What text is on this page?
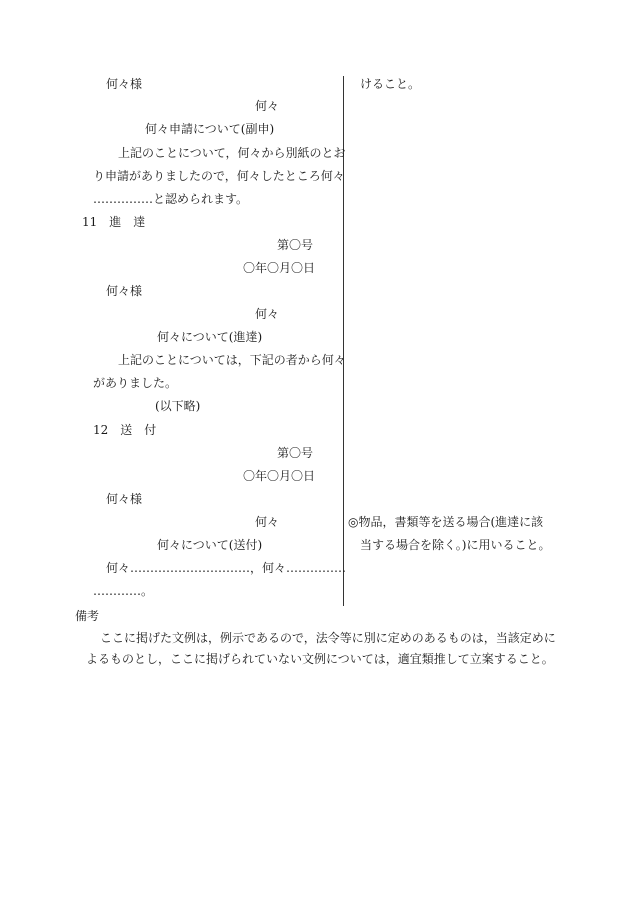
何々様
何々
何々申請について(副申)
上記のことについて，何々から別紙のとお
り申請がありましたので，何々したところ何々
……………と認められます。
11　進　達
第〇号
〇年〇月〇日
何々様
何々
何々について(進達)
上記のことについては，下記の者から何々
がありました。
(以下略)
12　送　付
第〇号
〇年〇月〇日
何々様
何々
何々について(送付)
何々…………………………，何々……………
…………。
けること。
◎物品，書類等を送る場合(進達に該
当する場合を除く。)に用いること。
備考
ここに掲げた文例は，例示であるので，法令等に別に定めのあるものは，当該定めに
よるものとし，ここに掲げられていない文例については，適宜類推して立案すること。
